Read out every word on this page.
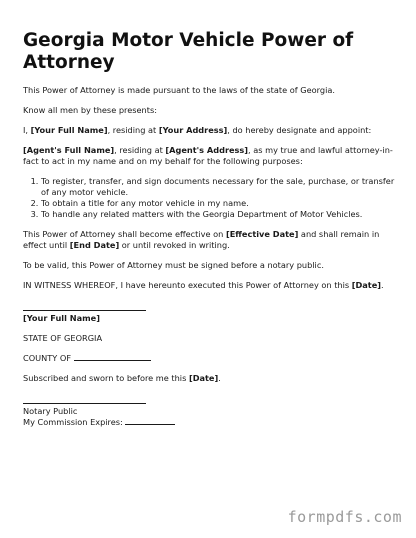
Georgia Motor Vehicle Power of Attorney

This Power of Attorney is made pursuant to the laws of the state of Georgia.

Know all men by these presents:

I, [Your Full Name], residing at [Your Address], do hereby designate and appoint:

[Agent's Full Name], residing at [Agent's Address], as my true and lawful attorney-in-fact to act in my name and on my behalf for the following purposes:

1. To register, transfer, and sign documents necessary for the sale, purchase, or transfer of any motor vehicle.
2. To obtain a title for any motor vehicle in my name.
3. To handle any related matters with the Georgia Department of Motor Vehicles.

This Power of Attorney shall become effective on [Effective Date] and shall remain in effect until [End Date] or until revoked in writing.

To be valid, this Power of Attorney must be signed before a notary public.

IN WITNESS WHEREOF, I have hereunto executed this Power of Attorney on this [Date].

[Your Full Name]

STATE OF GEORGIA

COUNTY OF

Subscribed and sworn to before me this [Date].

Notary Public

My Commission Expires:

formpdfs.com
